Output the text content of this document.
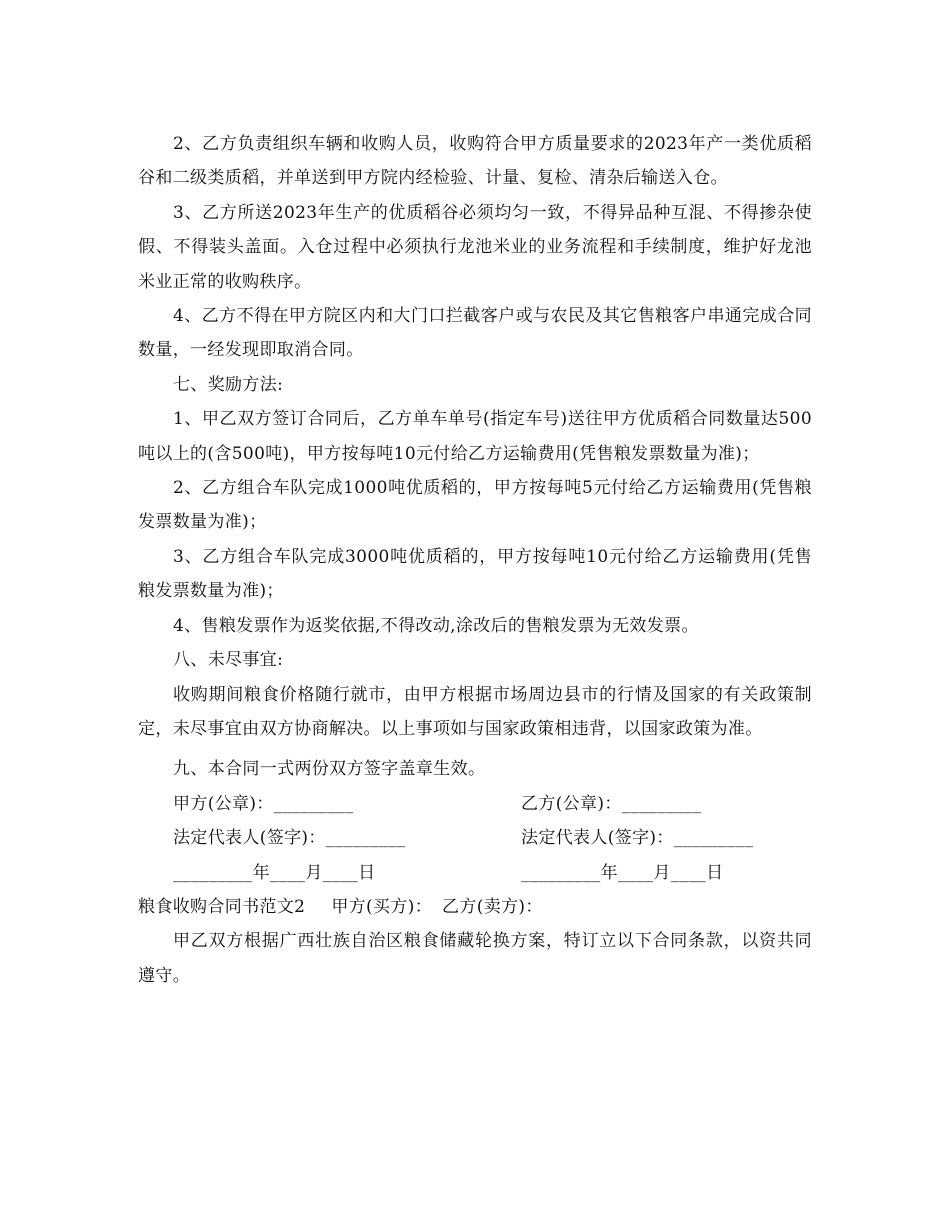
2、乙方负责组织车辆和收购人员，收购符合甲方质量要求的2023年产一类优质稻谷和二级类质稻，并单送到甲方院内经检验、计量、复检、清杂后输送入仓。

3、乙方所送2023年生产的优质稻谷必须均匀一致，不得异品种互混、不得掺杂使假、不得装头盖面。入仓过程中必须执行龙池米业的业务流程和手续制度，维护好龙池米业正常的收购秩序。

4、乙方不得在甲方院区内和大门口拦截客户或与农民及其它售粮客户串通完成合同数量，一经发现即取消合同。

七、奖励方法:

1、甲乙双方签订合同后，乙方单车单号(指定车号)送往甲方优质稻合同数量达500吨以上的(含500吨)，甲方按每吨10元付给乙方运输费用(凭售粮发票数量为准)；

2、乙方组合车队完成1000吨优质稻的，甲方按每吨5元付给乙方运输费用(凭售粮发票数量为准)；

3、乙方组合车队完成3000吨优质稻的，甲方按每吨10元付给乙方运输费用(凭售粮发票数量为准)；

4、售粮发票作为返奖依据,不得改动,涂改后的售粮发票为无效发票。

八、未尽事宜:

收购期间粮食价格随行就市，由甲方根据市场周边县市的行情及国家的有关政策制定，未尽事宜由双方协商解决。以上事项如与国家政策相违背，以国家政策为准。

九、本合同一式两份双方签字盖章生效。

甲方(公章)：_________	乙方(公章)：_________
法定代表人(签字)：_________	法定代表人(签字)：_________
_________年____月____日	_________年____月____日

粮食收购合同书范文2 甲方(买方)： 乙方(卖方)：

甲乙双方根据广西壮族自治区粮食储藏轮换方案，特订立以下合同条款，以资共同遵守。
